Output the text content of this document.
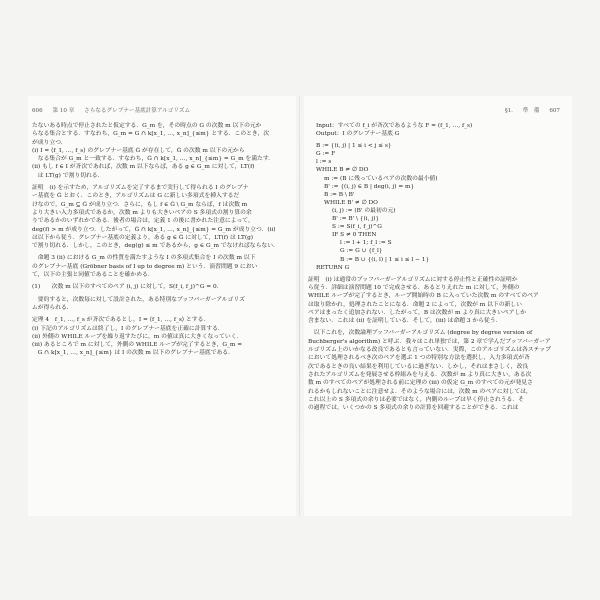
606 第 10 章 さらなるグレブナー基底計算アルゴリズム
たないある時点で停止されたと仮定する．G_m を，その時点の G の次数 m 以下の元か
らなる集合とする．すなわち，G_m = G ∩ k[x_1, …, x_n]_{≤m} とする．このとき，次
が成り立つ．
(i) I = ⟨f_1, …, f_s⟩ のグレブナー基底 Ĝ が存在して，Ĝ の次数 m 以下の元から
　なる集合が G_m と一致する．すなわち，Ĝ ∩ k[x_1, …, x_n]_{≤m} = G_m を満たす．
(ii) もし f ∈ I が斉次であれば，次数 m 以下ならば，ある g ∈ G_m に対して，LT(f)
　は LT(g) で割り切れる．
証明　(i) を示すため，アルゴリズムを完了するまで実行して得られる I のグレブナ
ー基底を Ĝ とおく．このとき，アルゴリズムは G に新しい多項式を挿入するだ
けなので，G_m ⊆ Ĝ が成り立つ．さらに，もし f ∈ Ĝ \ G_m ならば，f は次数 m
より大きい入力多項式であるか，次数 m よりも大きいペアの S 多項式の割り算の余
りであるかのいずれかである．後者の場合は，定義 1 の後に書かれた注意によって，
deg(f) > m が成り立つ．したがって，Ĝ ∩ k[x_1, …, x_n]_{≤m} = G_m が成り立つ．(ii)
は以下から従う．グレブナー基底の定義より，ある g ∈ Ĝ に対して，LT(f) は LT(g)
で割り切れる．しかし，このとき，deg(g) ≤ m であるから，g ∈ G_m でなければならない．
　命題 3 (ii) における G_m の性質を満たすような I の多項式集合を I の次数 m 以下
のグレブナー基底 (Gröbner basis of I up to degree m) という．演習問題 9 におい
て，以下の主張と同値であることを確かめる．
(1)　　次数 m 以下のすべてのペア (i, j) に対して，S(f_i, f_j)^G = 0.
　要約すると，次数毎に対して設計された，ある特別なブッフバーガーアルゴリズ
ムが得られる．
定理 4　f_1, …, f_s が斉次であるとし，I = ⟨f_1, …, f_s⟩ とする．
(i) 下記のアルゴリズムは終了し，I のグレブナー基底を正確に計算する．
(ii) 外側の WHILE ループを繰り返すたびに，m の値は真に大きくなっていく．
(iii) あるところで m に対して，外側の WHILE ループが完了するとき，G_m =
　G ∩ k[x_1, …, x_n]_{≤m} は I の次数 m 以下のグレブナー基底である．
§1. 準　備 607
Input：すべての f_i が斉次であるような F = (f_1, …, f_s)
Output：I のグレブナー基底 G
B := {(i, j) | 1 ≤ i < j ≤ s}
G := F
l := s
WHILE B ≠ ∅ DO
m := (B に残っているペアの次数の最小値)
B' := {(i, j) ∈ B | deg(i, j) = m}
B := B \ B'
WHILE B' ≠ ∅ DO
(i, j) := (B' の最初の元)
B' := B' \ {(i, j)}
S := S(f_i, f_j)^G
IF S ≠ 0 THEN
l := l + 1; f_l := S
G := G ∪ {f_l}
B := B ∪ {(i, l) | 1 ≤ i ≤ l − 1}
RETURN G
証明　(i) は通常のブッフバーガーアルゴリズムに対する停止性と正確性の証明か
ら従う．詳細は演習問題 10 で完成させる．あるとりえれた m に対して，外側の
WHILE ループが完了するとき，ループ開始時の B に入っていた次数 m のすべてのペア
は取り除かれ，処理されたことになる．命題 2 によって，次数が m 以下の新しい
ペアはまったく追加されない．したがって，B は次数が m より真に大きいペアしか
含まない．これは (ii) を証明している．そして，(iii) は命題 3 から従う．
　以下これを，次数論理ブッフバーガーアルゴリズム (degree by degree version of
Buchberger's algorithm) と呼ぶ．我々はこれ単独では，第 2 章で学んだブッフバーガーア
ルゴリズム上のいかなる改良であるとも言っていない．実際，このアルゴリズムは各ステップ
において処理されるべき次のペアを選ぶ 1 つの特別な方法を選択し，入力多項式が斉
次であるときの良い結果を利用しているに過ぎない．しかし，それはまさしく，改良
されたアルゴリズムを発展させる枠組みを与える．次数が m より真に大きい，ある次
数 m のすべてのペアが処理される前に定理の (iii) の仮定 G_m のすべての元が発見さ
れるかもしれないことに注意せよ．そのような場合には，次数 m のペアに対しては，
これ以上の S 多項式の余りは必要ではなく，内側のループは早く停止されうる．そ
の過程では，いくつかの S 多項式の余りの計算を回避することができる．これは
